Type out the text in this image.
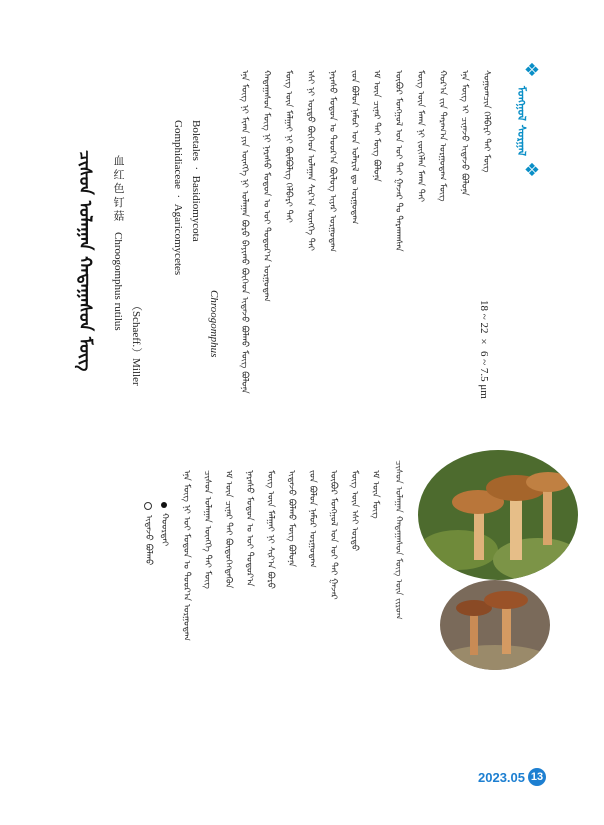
❖
ᠮᠣᠩᠭᠣᠯ ᠰᠤᠷᠭᠠᠯ
❖
ᠴᠢᠰᠤᠨ ᠤᠯᠠᠭᠠᠨ ᠬᠠᠳᠠᠭᠠᠰᠤᠨ ᠮᠦᠭ	血 红 色 钉 菇    Chroogomphus rutilus
（Schaeff.）Miller
ᠢᠳᠡᠵᠦ ᠪᠣᠯᠬᠤ ᠬᠣᠣᠷᠲᠠᠢ
Gomphidiaceae  ·  Agaricomycetes
Boletales  ·  Basidiomycota
Chroogomphus ᠡᠨᠡ ᠮᠦᠭ ᠨᠢ ᠮᠢᠬᠠ ᠶᠢᠨ ᠦᠩᠭᠡ ᠨᠢ ᠤᠯᠠᠭᠠᠨ ᠪᠣᠷᠣ ᠪᠠᠶᠢᠬᠤ ᠪᠥᠭᠡᠳ ᠢᠳᠡᠵᠦ ᠪᠣᠯᠬᠤ ᠮᠦᠭ ᠪᠣᠯᠤᠨᠠ	ᠬᠠᠳᠠᠭᠠᠰᠤᠨ ᠮᠦᠭ ᠨᠢ ᠨᠠᠷᠠᠰᠤ ᠮᠣᠳᠣᠨ ᠤ ᠣᠢ ᠳᠣᠲᠣᠷ᠎ᠠ ᠤᠷᠭᠤᠳᠠᠭ	ᠮᠦᠭ ᠦᠨ ᠮᠠᠯᠭᠠᠢ ᠨᠢ ᠪᠥᠮᠪᠥᠯᠢᠭ ᠬᠡᠯᠪᠡᠷᠢ ᠲᠡᠢ	ᠡᠰᠢ ᠨᠢ ᠤᠷᠲᠤ ᠪᠥᠭᠡᠳ ᠤᠯᠠᠭᠠᠨ ᠰᠢᠷ᠎ᠠ ᠥᠩᠭᠡ ᠲᠡᠢ	ᠨᠠᠷᠠᠰᠤ ᠮᠣᠳᠣᠨ ᠤ ᠳᠣᠣᠷ᠎ᠠ ᠪᠦᠯᠦᠭ ᠢᠶᠡᠷ ᠤᠷᠭᠤᠳᠠᠭ	ᠵᠤᠨ ᠪᠣᠯᠤᠨ ᠨᠠᠮᠤᠷ ᠤᠨ ᠤᠯᠠᠷᠢᠯ ᠳᠤ ᠤᠷᠭᠤᠳᠠᠭ	ᠡᠮ ᠦᠨ ᠴᠢᠨᠠᠷ ᠲᠠᠢ ᠮᠦᠭ ᠪᠣᠯᠤᠨᠠ	ᠥᠪᠦᠷ ᠮᠣᠩᠭᠣᠯ ᠤᠨ ᠣᠢ ᠲᠠᠢ ᠭᠠᠵᠠᠷ ᠲᠤ ᠲᠠᠷᠬᠠᠭᠰᠠᠨ	ᠮᠦᠭ ᠦᠨ ᠮᠠᠬᠠ ᠨᠢ ᠵᠥᠭᠡᠯᠡᠨ ᠮᠠᠬᠠ ᠲᠠᠢ	ᠬᠤᠷ᠎ᠠ ᠵᠢᠨ ᠳᠠᠷᠠᠭ᠎ᠠ ᠤᠷᠭᠤᠳᠠᠭ ᠮᠦᠭ	ᠡᠨᠡ ᠮᠦᠭ ᠢ ᠴᠢᠨᠠᠵᠤ ᠢᠳᠡᠵᠦ ᠪᠣᠯᠤᠨᠠ	ᠰᠣᠭᠣᠭᠴᠢᠨ ᠬᠡᠯᠪᠡᠷᠢ ᠲᠠᠢ ᠮᠦᠭ
18 ~ 22 × 6 ~ 7.5 μm
ᠴᠢᠰᠤᠨ ᠤᠯᠠᠭᠠᠨ ᠬᠠᠳᠠᠭᠠᠰᠤᠨ ᠮᠦᠭ ᠦᠨ ᠵᠢᠷᠤᠭ
ᠡᠨᠡ ᠮᠦᠭ ᠨᠢ ᠣᠢ ᠮᠣᠳᠣᠨ ᠤ ᠳᠣᠣᠷ᠎ᠠ ᠤᠷᠭᠤᠳᠠᠭ	ᠴᠢᠰᠤᠨ ᠤᠯᠠᠭᠠᠨ ᠥᠩᠭᠡ ᠲᠡᠢ ᠮᠦᠭ	ᠡᠮ ᠦᠨ ᠴᠢᠨᠠᠷ ᠲᠠᠢ ᠪᠦᠲᠦᠭᠡᠭᠳᠡᠬᠦᠨ	ᠨᠠᠷᠠᠰᠤ ᠮᠣᠳᠣᠨ ᠤ ᠣᠢ ᠳᠣᠲᠣᠷ᠎ᠠ	ᠮᠦᠭ ᠦᠨ ᠮᠠᠯᠭᠠᠢ ᠨᠢ ᠰᠢᠷ᠎ᠠ ᠪᠣᠷᠣ	ᠢᠳᠡᠵᠦ ᠪᠣᠯᠬᠤ ᠮᠦᠭ ᠪᠣᠯᠤᠨᠠ	ᠵᠤᠨ ᠪᠣᠯᠤᠨ ᠨᠠᠮᠤᠷ ᠤᠷᠭᠤᠳᠠᠭ	ᠥᠪᠦᠷ ᠮᠣᠩᠭᠣᠯ ᠤᠨ ᠣᠢ ᠲᠠᠢ ᠭᠠᠵᠠᠷ	ᠮᠦᠭ ᠦᠨ ᠡᠰᠢ ᠤᠷᠲᠤ	ᠡᠮ ᠦᠨ ᠮᠦᠭ
2023.05 13
